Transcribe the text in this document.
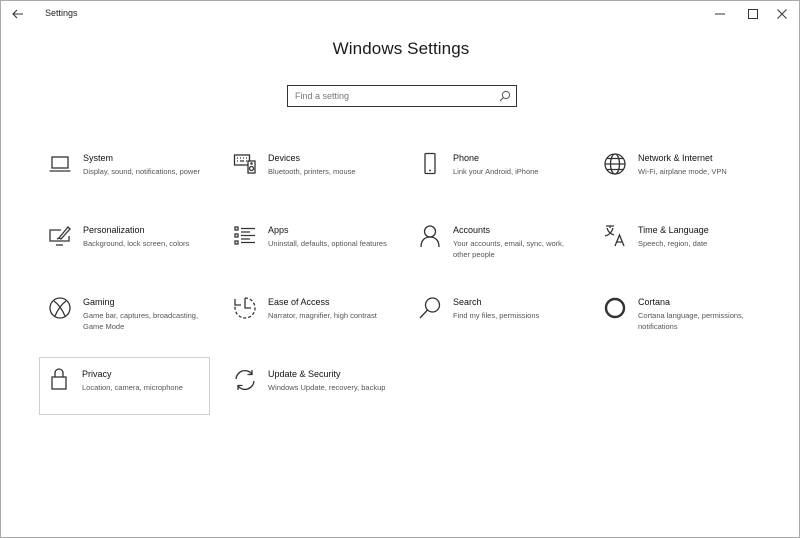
Settings
Windows Settings
Find a setting
System
Display, sound, notifications, power
Devices
Bluetooth, printers, mouse
Phone
Link your Android, iPhone
Network & Internet
Wi-Fi, airplane mode, VPN
Personalization
Background, lock screen, colors
Apps
Uninstall, defaults, optional features
Accounts
Your accounts, email, sync, work, other people
Time & Language
Speech, region, date
Gaming
Game bar, captures, broadcasting, Game Mode
Ease of Access
Narrator, magnifier, high contrast
Search
Find my files, permissions
Cortana
Cortana language, permissions, notifications
Privacy
Location, camera, microphone
Update & Security
Windows Update, recovery, backup
